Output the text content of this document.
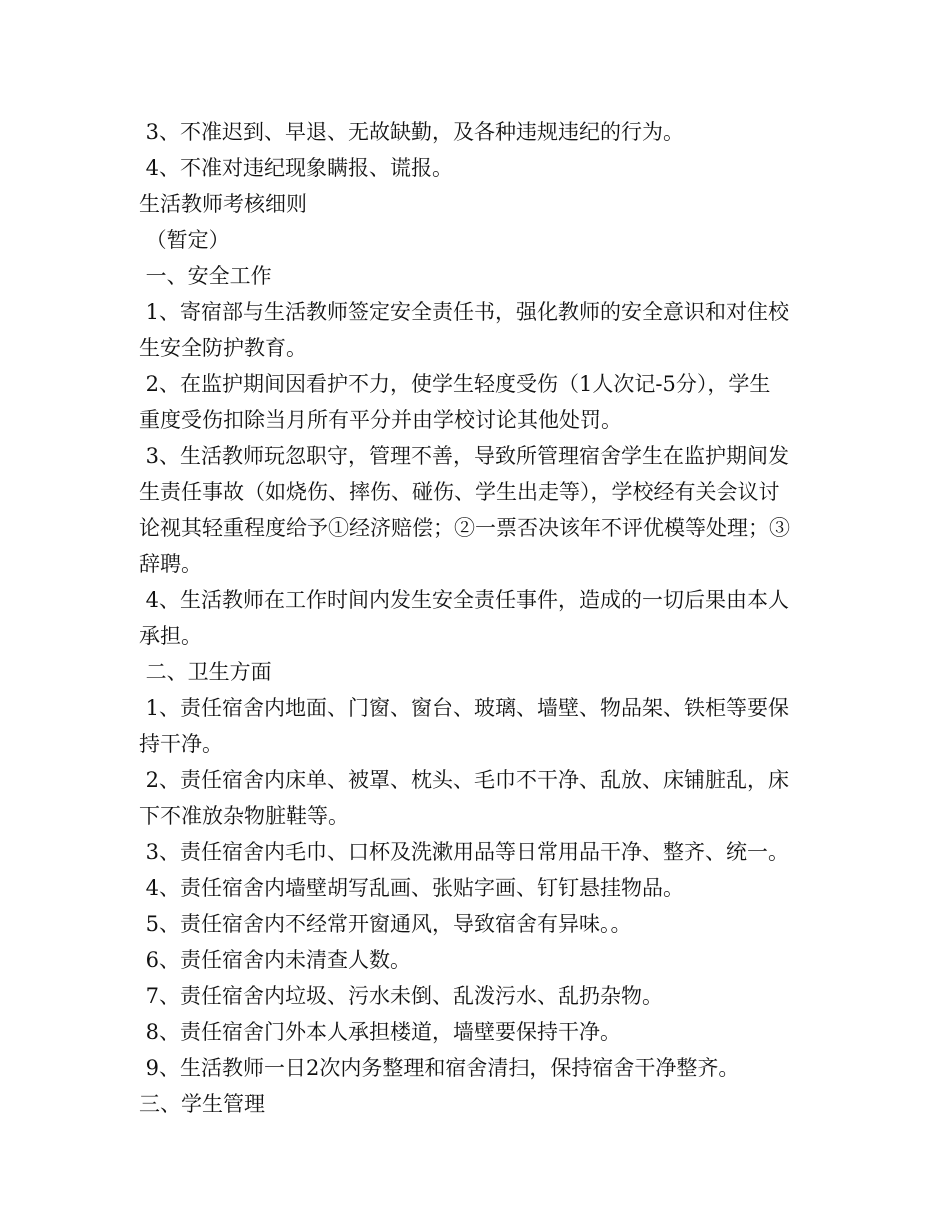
3、不准迟到、早退、无故缺勤，及各种违规违纪的行为。
4、不准对违纪现象瞒报、谎报。
生活教师考核细则
（暂定）
一、安全工作
1、寄宿部与生活教师签定安全责任书，强化教师的安全意识和对住校
生安全防护教育。
2、在监护期间因看护不力，使学生轻度受伤（1人次记-5分），学生
重度受伤扣除当月所有平分并由学校讨论其他处罚。
3、生活教师玩忽职守，管理不善，导致所管理宿舍学生在监护期间发
生责任事故（如烧伤、摔伤、碰伤、学生出走等），学校经有关会议讨
论视其轻重程度给予①经济赔偿；②一票否决该年不评优模等处理；③
辞聘。
4、生活教师在工作时间内发生安全责任事件，造成的一切后果由本人
承担。
二、卫生方面
1、责任宿舍内地面、门窗、窗台、玻璃、墙壁、物品架、铁柜等要保
持干净。
2、责任宿舍内床单、被罩、枕头、毛巾不干净、乱放、床铺脏乱，床
下不准放杂物脏鞋等。
3、责任宿舍内毛巾、口杯及洗漱用品等日常用品干净、整齐、统一。
4、责任宿舍内墙壁胡写乱画、张贴字画、钉钉悬挂物品。
5、责任宿舍内不经常开窗通风，导致宿舍有异味。。
6、责任宿舍内未清查人数。
7、责任宿舍内垃圾、污水未倒、乱泼污水、乱扔杂物。
8、责任宿舍门外本人承担楼道，墙壁要保持干净。
9、生活教师一日2次内务整理和宿舍清扫，保持宿舍干净整齐。
三、学生管理
